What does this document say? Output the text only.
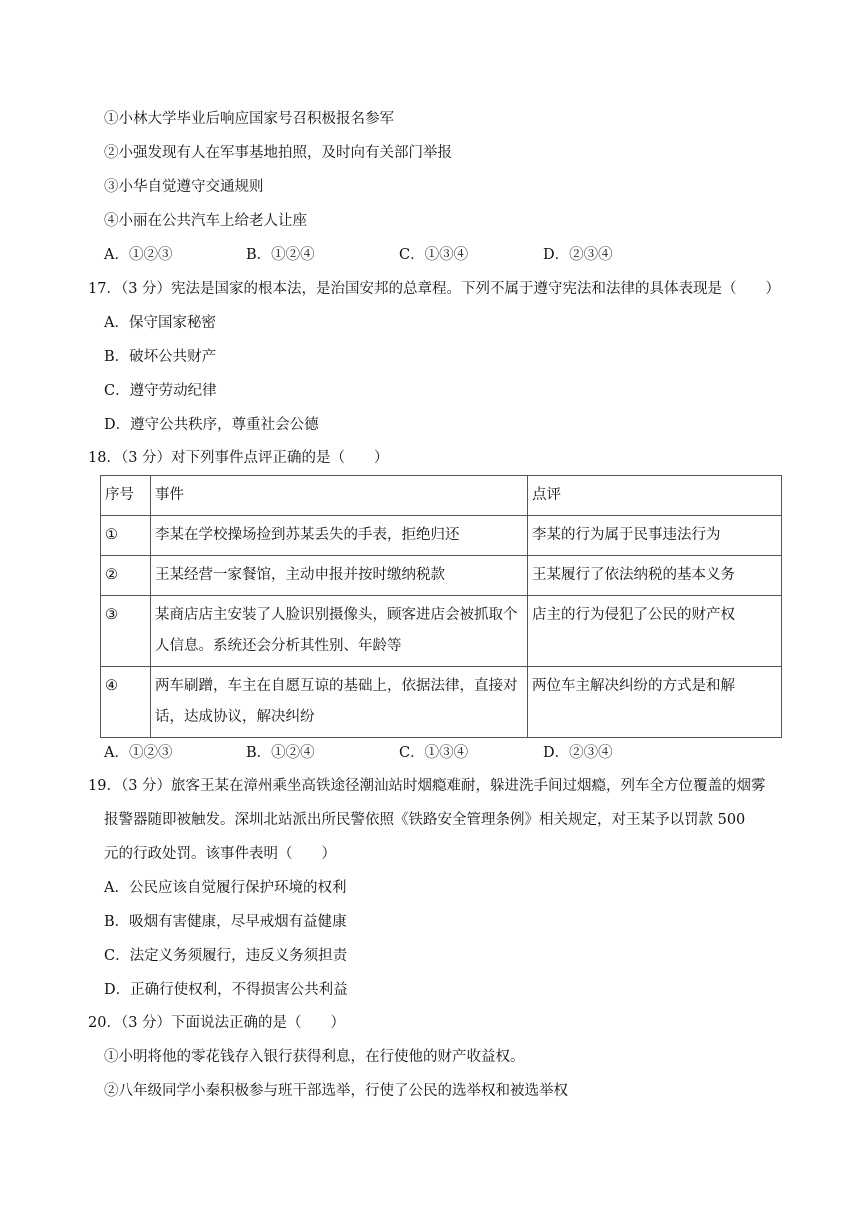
①小林大学毕业后响应国家号召积极报名参军
②小强发现有人在军事基地拍照，及时向有关部门举报
③小华自觉遵守交通规则
④小丽在公共汽车上给老人让座
A．①②③	B．①②④	C．①③④	D．②③④
17．（3 分）宪法是国家的根本法，是治国安邦的总章程。下列不属于遵守宪法和法律的具体表现是（　　）
A．保守国家秘密
B．破坏公共财产
C．遵守劳动纪律
D．遵守公共秩序，尊重社会公德
18．（3 分）对下列事件点评正确的是（　　）
序号	事件	点评
①	李某在学校操场捡到苏某丢失的手表，拒绝归还	李某的行为属于民事违法行为
②	王某经营一家餐馆，主动申报并按时缴纳税款	王某履行了依法纳税的基本义务
③	某商店店主安装了人脸识别摄像头，顾客进店会被抓取个人信息。系统还会分析其性别、年龄等	店主的行为侵犯了公民的财产权
④	两车刷蹭，车主在自愿互谅的基础上，依据法律，直接对话，达成协议，解决纠纷	两位车主解决纠纷的方式是和解
A．①②③	B．①②④	C．①③④	D．②③④
19．（3 分）旅客王某在漳州乘坐高铁途径潮汕站时烟瘾难耐，躲进洗手间过烟瘾，列车全方位覆盖的烟雾
报警器随即被触发。深圳北站派出所民警依照《铁路安全管理条例》相关规定，对王某予以罚款 500
元的行政处罚。该事件表明（　　）
A．公民应该自觉履行保护环境的权利
B．吸烟有害健康，尽早戒烟有益健康
C．法定义务须履行，违反义务须担责
D．正确行使权利，不得损害公共利益
20．（3 分）下面说法正确的是（　　）
①小明将他的零花钱存入银行获得利息，在行使他的财产收益权。
②八年级同学小秦积极参与班干部选举，行使了公民的选举权和被选举权
